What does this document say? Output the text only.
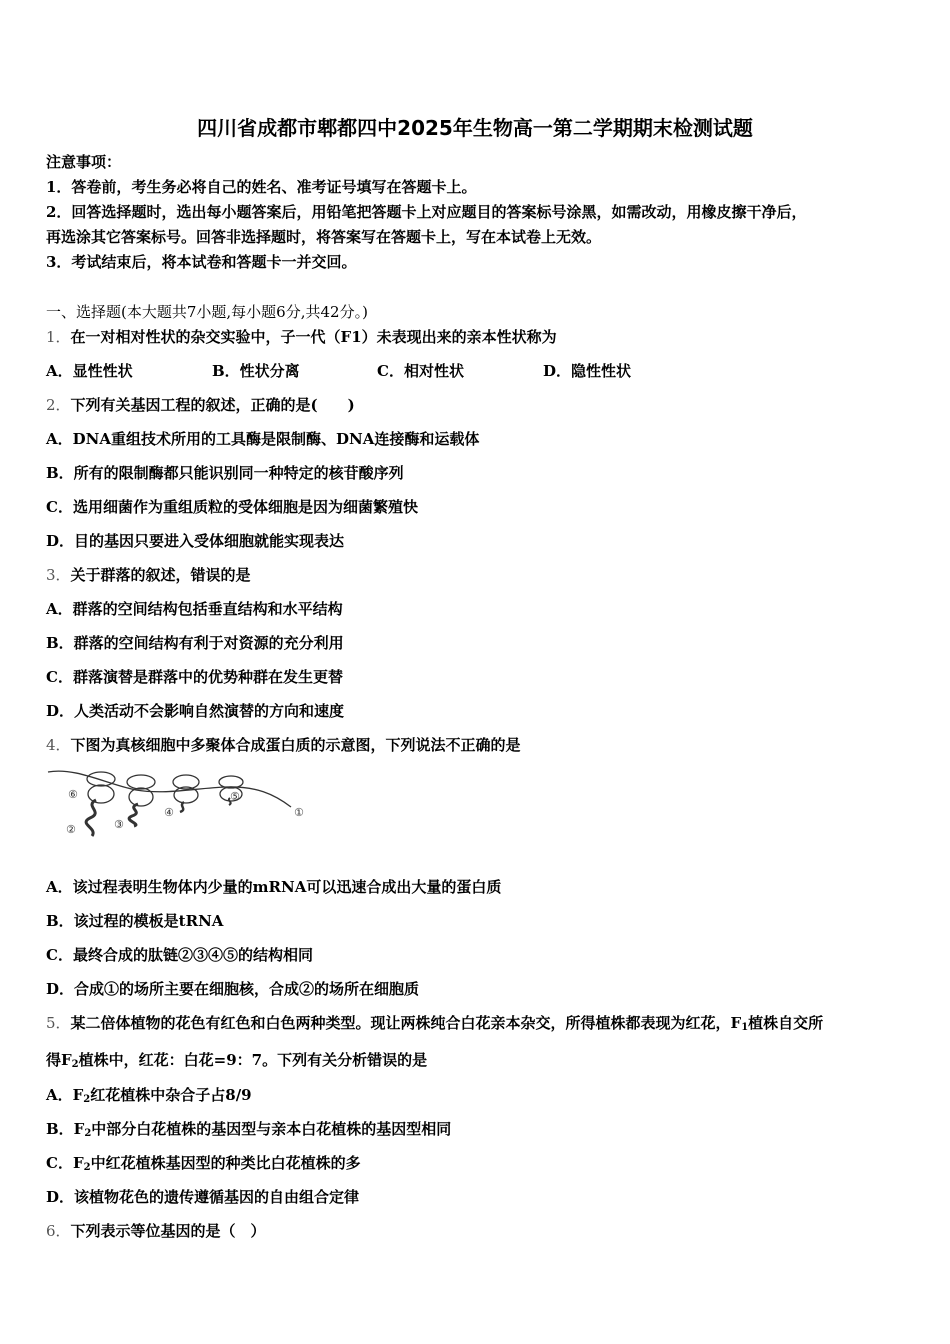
四川省成都市郫都四中2025年生物高一第二学期期末检测试题
注意事项：
1．答卷前，考生务必将自己的姓名、准考证号填写在答题卡上。
2．回答选择题时，选出每小题答案后，用铅笔把答题卡上对应题目的答案标号涂黑，如需改动，用橡皮擦干净后，
再选涂其它答案标号。回答非选择题时，将答案写在答题卡上，写在本试卷上无效。
3．考试结束后，将本试卷和答题卡一并交回。
一、选择题(本大题共7小题,每小题6分,共42分。)
1．在一对相对性状的杂交实验中，子一代（F1）未表现出来的亲本性状称为
A．显性性状	B．性状分离	C．相对性状	D．隐性性状
2．下列有关基因工程的叙述，正确的是(　　)
A．DNA重组技术所用的工具酶是限制酶、DNA连接酶和运载体
B．所有的限制酶都只能识别同一种特定的核苷酸序列
C．选用细菌作为重组质粒的受体细胞是因为细菌繁殖快
D．目的基因只要进入受体细胞就能实现表达
3．关于群落的叙述，错误的是
A．群落的空间结构包括垂直结构和水平结构
B．群落的空间结构有利于对资源的充分利用
C．群落演替是群落中的优势种群在发生更替
D．人类活动不会影响自然演替的方向和速度
4．下图为真核细胞中多聚体合成蛋白质的示意图，下列说法不正确的是
①
②	③
④
⑤
⑥
A．该过程表明生物体内少量的mRNA可以迅速合成出大量的蛋白质
B．该过程的模板是tRNA
C．最终合成的肽链②③④⑤的结构相同
D．合成①的场所主要在细胞核，合成②的场所在细胞质
5．某二倍体植物的花色有红色和白色两种类型。现让两株纯合白花亲本杂交，所得植株都表现为红花，$F_1$植株自交所
得$F_2$植株中，红花：白花=9：7。下列有关分析错误的是
A．$F_2$红花植株中杂合子占8/9
B．$F_2$中部分白花植株的基因型与亲本白花植株的基因型相同
C．$F_2$中红花植株基因型的种类比白花植株的多
D．该植物花色的遗传遵循基因的自由组合定律
6．下列表示等位基因的是（　）
